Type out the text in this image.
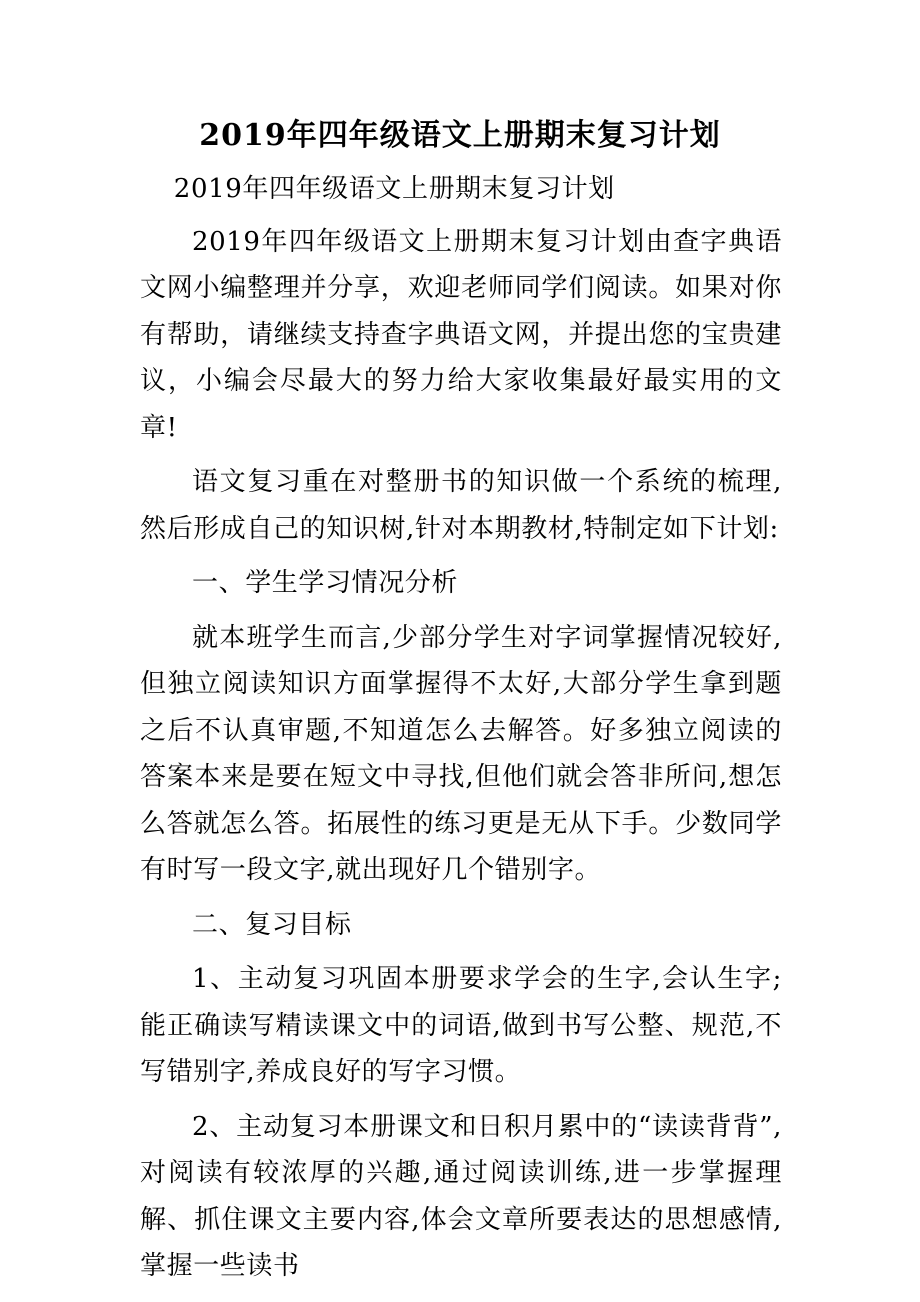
2019年四年级语文上册期末复习计划

2019年四年级语文上册期末复习计划

2019年四年级语文上册期末复习计划由查字典语文网小编整理并分享，欢迎老师同学们阅读。如果对你有帮助，请继续支持查字典语文网，并提出您的宝贵建议，小编会尽最大的努力给大家收集最好最实用的文章!

语文复习重在对整册书的知识做一个系统的梳理,然后形成自己的知识树,针对本期教材,特制定如下计划:

一、学生学习情况分析

就本班学生而言,少部分学生对字词掌握情况较好,但独立阅读知识方面掌握得不太好,大部分学生拿到题之后不认真审题,不知道怎么去解答。好多独立阅读的答案本来是要在短文中寻找,但他们就会答非所问,想怎么答就怎么答。拓展性的练习更是无从下手。少数同学有时写一段文字,就出现好几个错别字。

二、复习目标

1、主动复习巩固本册要求学会的生字,会认生字;能正确读写精读课文中的词语,做到书写公整、规范,不写错别字,养成良好的写字习惯。

2、主动复习本册课文和日积月累中的“读读背背”,对阅读有较浓厚的兴趣,通过阅读训练,进一步掌握理解、抓住课文主要内容,体会文章所要表达的思想感情,掌握一些读书
